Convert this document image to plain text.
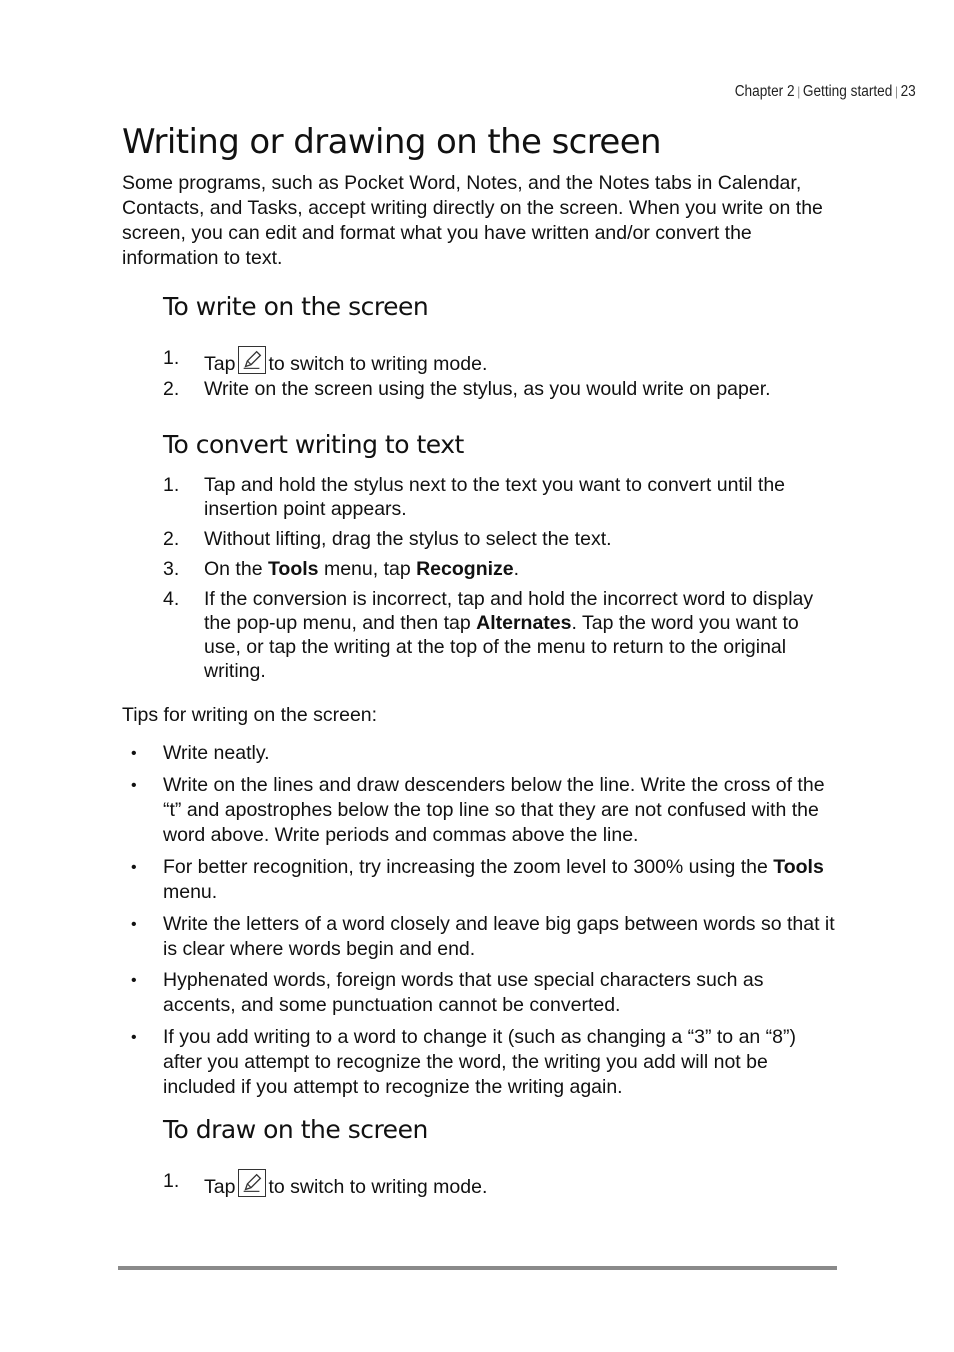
Chapter 2 | Getting started | 23
Writing or drawing on the screen

Some programs, such as Pocket Word, Notes, and the Notes tabs in Calendar, Contacts, and Tasks, accept writing directly on the screen. When you write on the screen, you can edit and format what you have written and/or convert the information to text.

To write on the screen
1. Tap to switch to writing mode.
2. Write on the screen using the stylus, as you would write on paper.
To convert writing to text
1. Tap and hold the stylus next to the text you want to convert until the insertion point appears.
2. Without lifting, drag the stylus to select the text.
3. On the Tools menu, tap Recognize.
4. If the conversion is incorrect, tap and hold the incorrect word to display the pop-up menu, and then tap Alternates. Tap the word you want to use, or tap the writing at the top of the menu to return to the original writing.

Tips for writing on the screen:

• Write neatly.
• Write on the lines and draw descenders below the line. Write the cross of the “t” and apostrophes below the top line so that they are not confused with the word above. Write periods and commas above the line.
• For better recognition, try increasing the zoom level to 300% using the Tools menu.
• Write the letters of a word closely and leave big gaps between words so that it is clear where words begin and end.
• Hyphenated words, foreign words that use special characters such as accents, and some punctuation cannot be converted.
• If you add writing to a word to change it (such as changing a “3” to an “8”) after you attempt to recognize the word, the writing you add will not be included if you attempt to recognize the writing again.
To draw on the screen
1. Tap to switch to writing mode.
